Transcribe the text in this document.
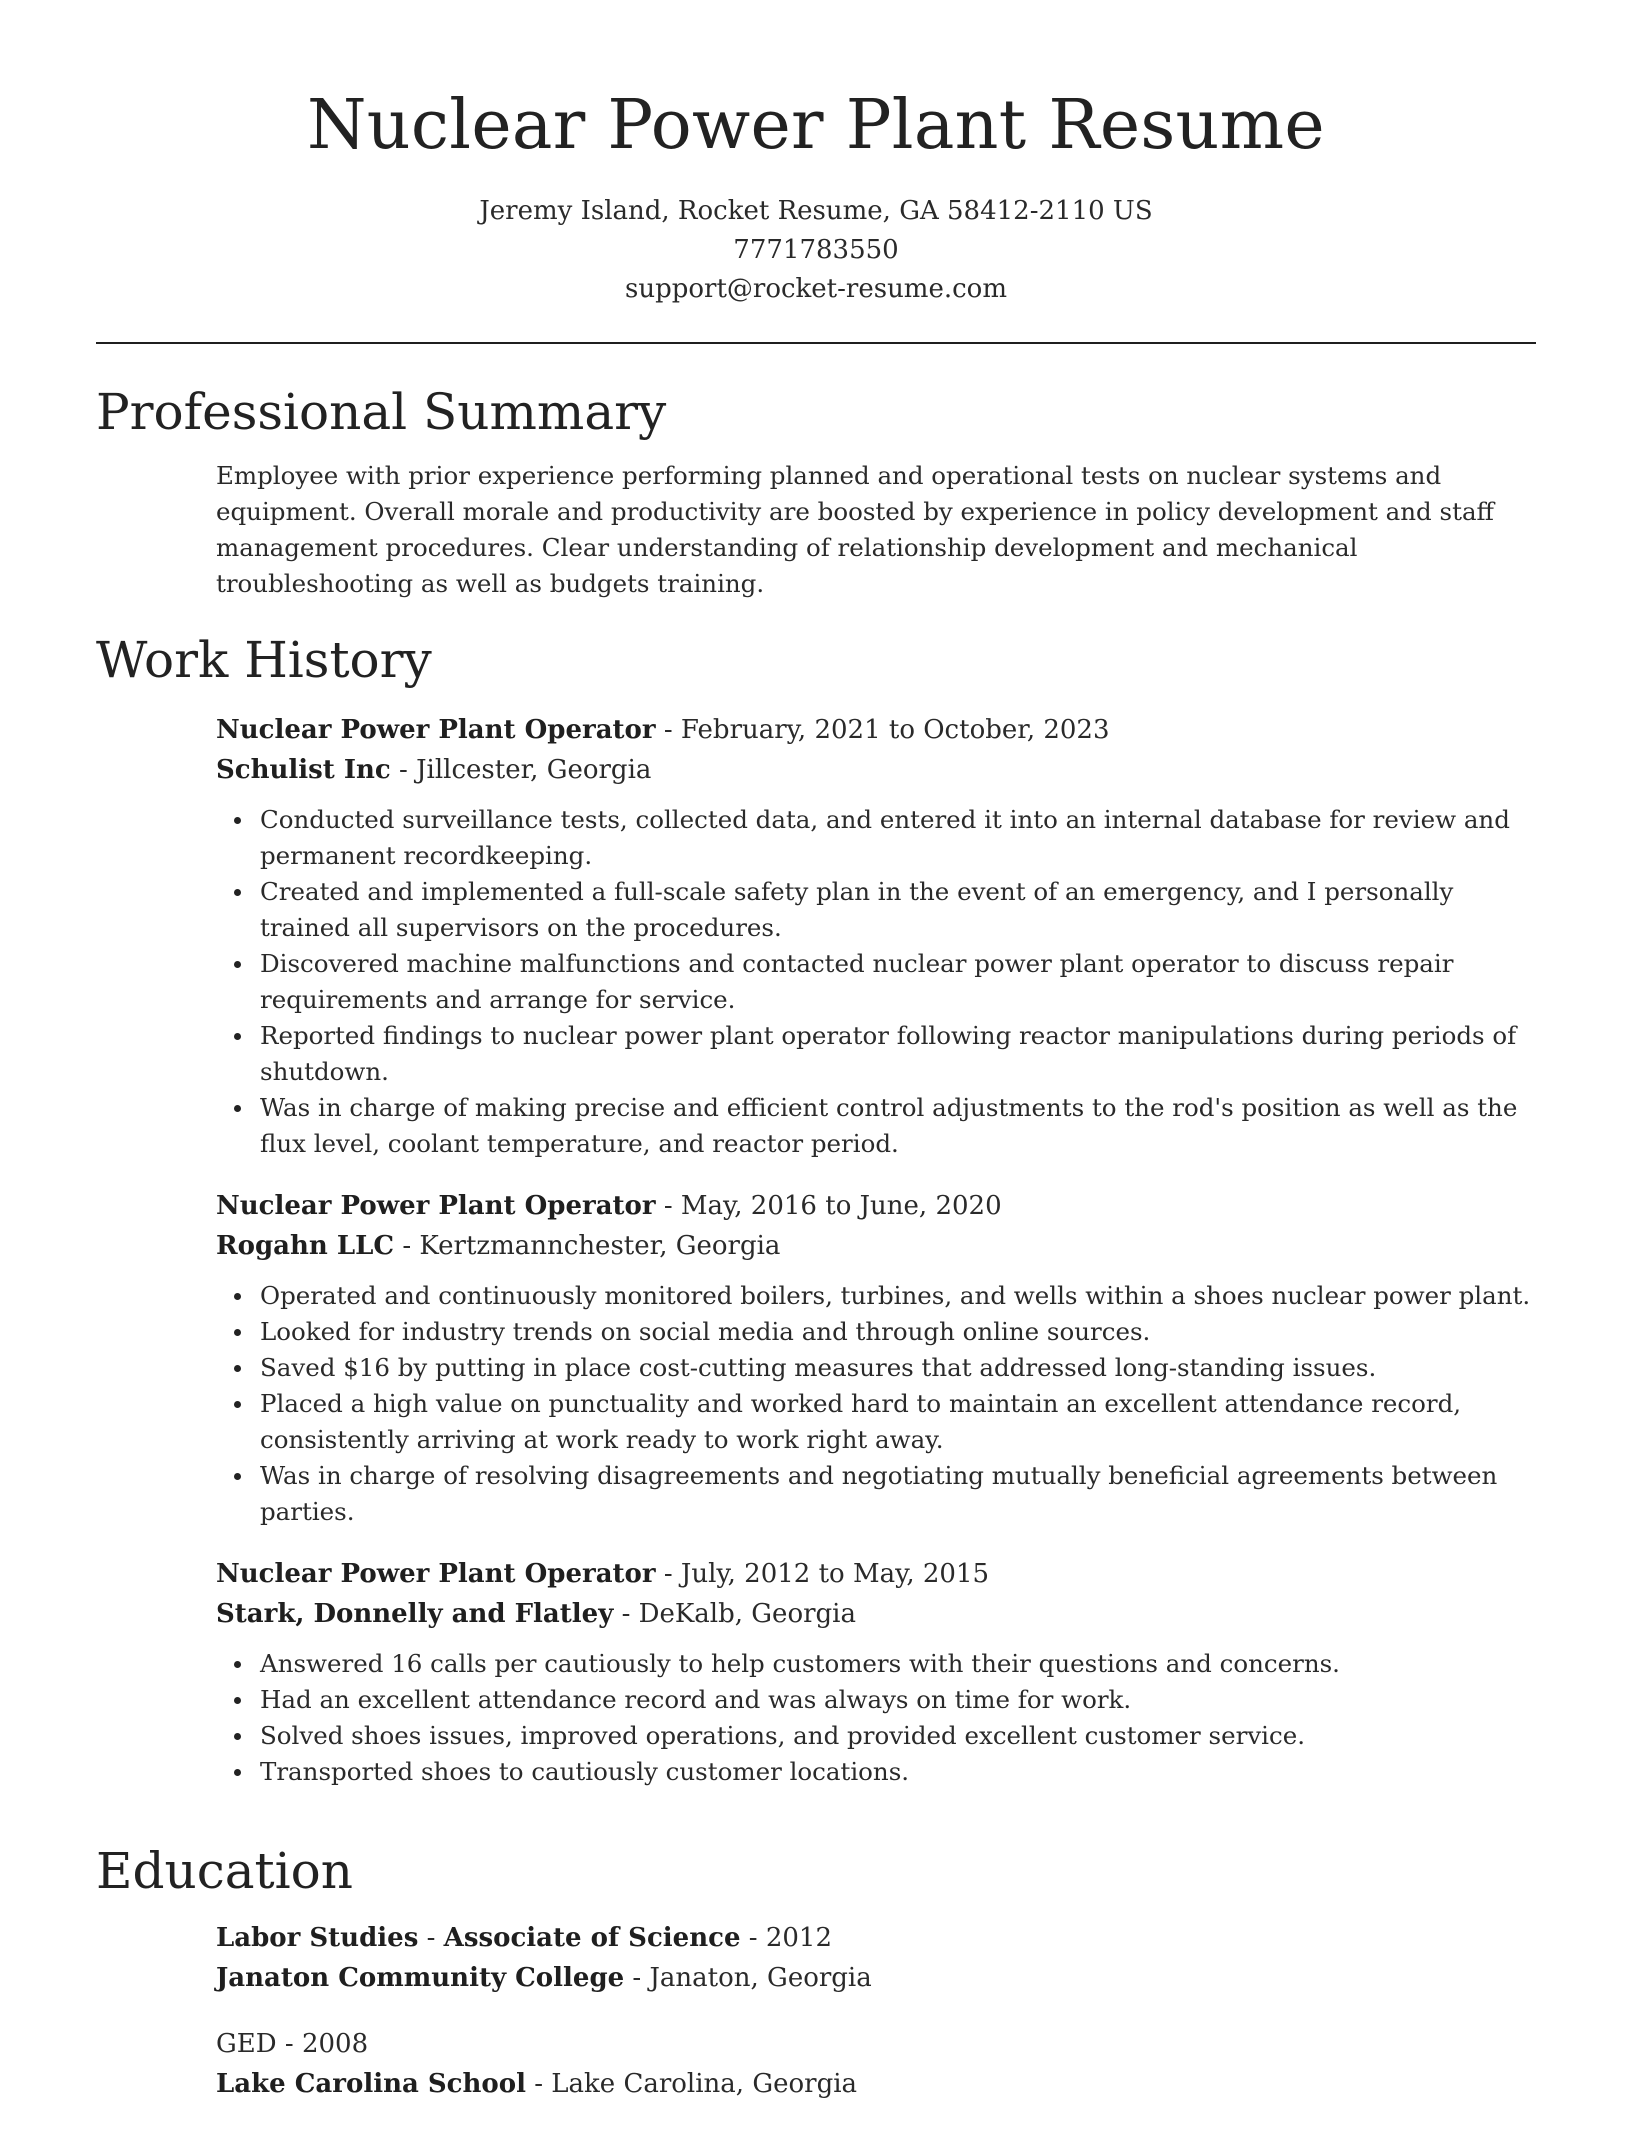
Nuclear Power Plant Resume
Jeremy Island, Rocket Resume, GA 58412-2110 US
7771783550
support@rocket-resume.com
Professional Summary

Employee with prior experience performing planned and operational tests on nuclear systems and equipment. Overall morale and productivity are boosted by experience in policy development and staff management procedures. Clear understanding of relationship development and mechanical troubleshooting as well as budgets training.

Work History
Nuclear Power Plant Operator - February, 2021 to October, 2023
Schulist Inc - Jillcester, Georgia
Conducted surveillance tests, collected data, and entered it into an internal database for review and permanent recordkeeping.
Created and implemented a full-scale safety plan in the event of an emergency, and I personally trained all supervisors on the procedures.
Discovered machine malfunctions and contacted nuclear power plant operator to discuss repair requirements and arrange for service.
Reported findings to nuclear power plant operator following reactor manipulations during periods of shutdown.
Was in charge of making precise and efficient control adjustments to the rod's position as well as the flux level, coolant temperature, and reactor period.
Nuclear Power Plant Operator - May, 2016 to June, 2020
Rogahn LLC - Kertzmannchester, Georgia
Operated and continuously monitored boilers, turbines, and wells within a shoes nuclear power plant.
Looked for industry trends on social media and through online sources.
Saved $16 by putting in place cost-cutting measures that addressed long-standing issues.
Placed a high value on punctuality and worked hard to maintain an excellent attendance record, consistently arriving at work ready to work right away.
Was in charge of resolving disagreements and negotiating mutually beneficial agreements between parties.
Nuclear Power Plant Operator - July, 2012 to May, 2015
Stark, Donnelly and Flatley - DeKalb, Georgia
Answered 16 calls per cautiously to help customers with their questions and concerns.
Had an excellent attendance record and was always on time for work.
Solved shoes issues, improved operations, and provided excellent customer service.
Transported shoes to cautiously customer locations.
Education
Labor Studies - Associate of Science - 2012
Janaton Community College - Janaton, Georgia
GED - 2008
Lake Carolina School - Lake Carolina, Georgia
